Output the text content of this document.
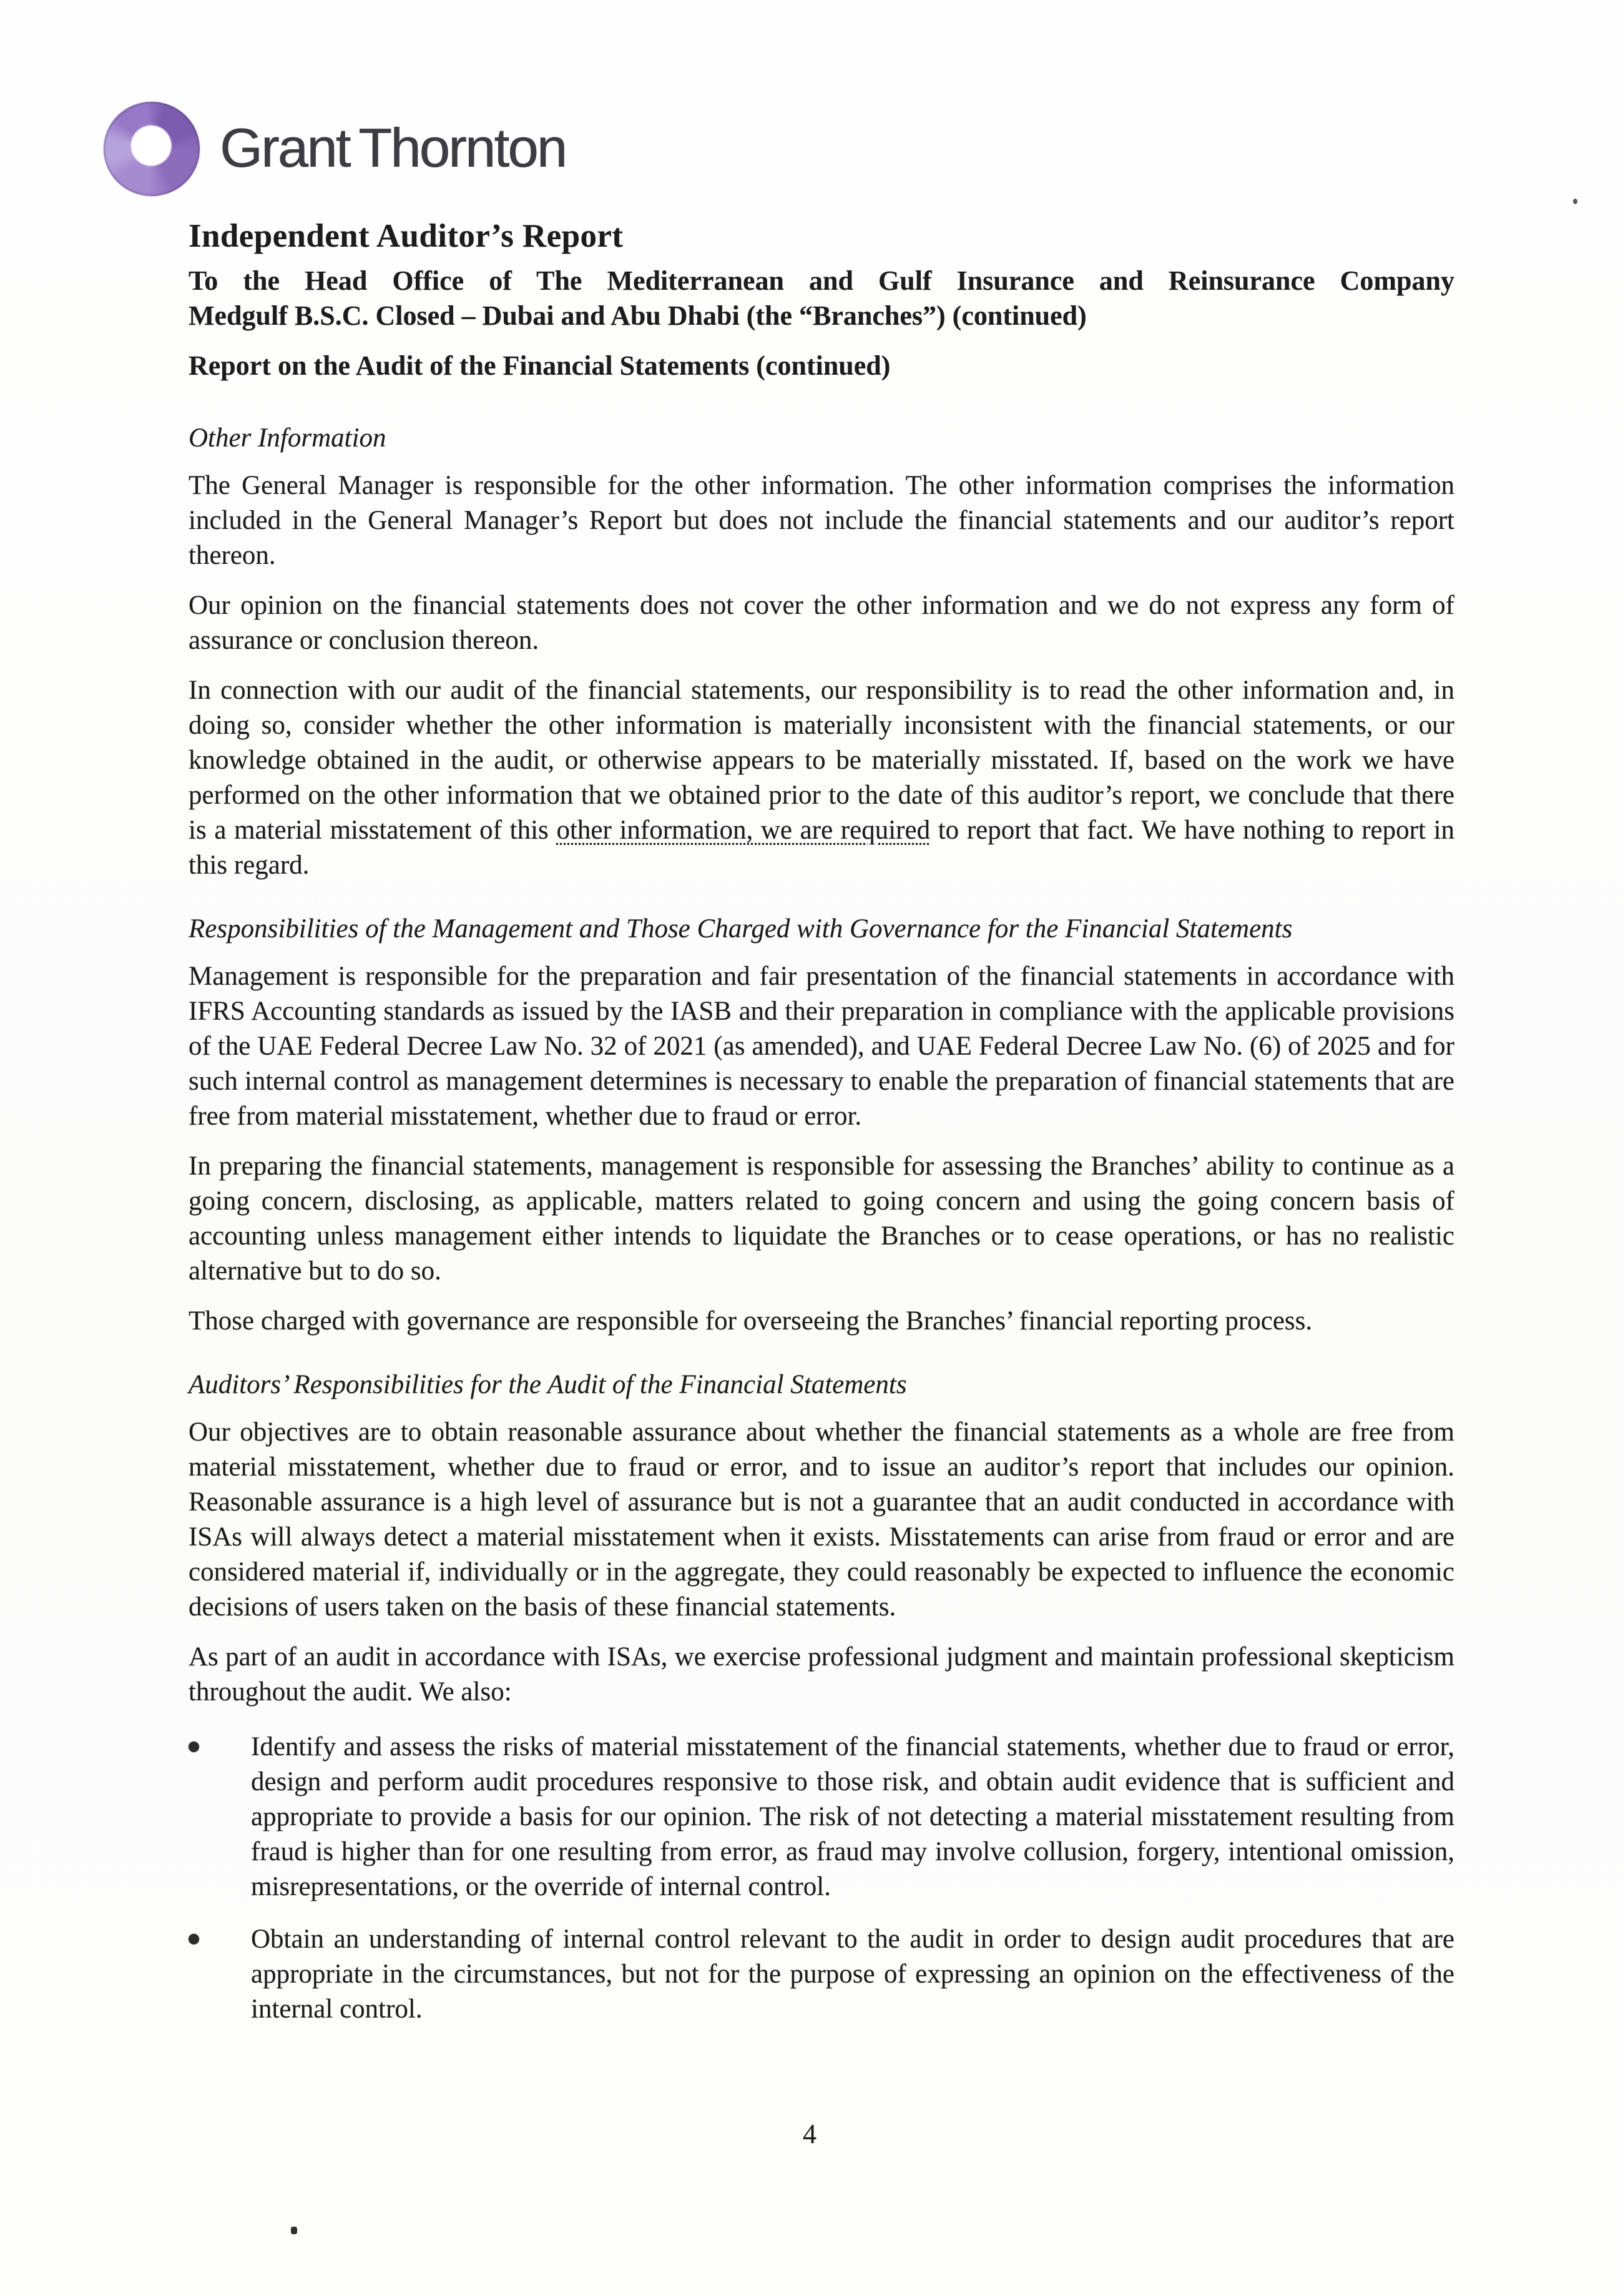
Grant Thornton
Independent Auditor’s Report
To the Head Office of The Mediterranean and Gulf Insurance and Reinsurance Company
Medgulf B.S.C. Closed – Dubai and Abu Dhabi (the “Branches”) (continued)
Report on the Audit of the Financial Statements (continued)
Other Information

The General Manager is responsible for the other information. The other information comprises the information included in the General Manager’s Report but does not include the financial statements and our auditor’s report thereon.

Our opinion on the financial statements does not cover the other information and we do not express any form of assurance or conclusion thereon.

In connection with our audit of the financial statements, our responsibility is to read the other information and, in doing so, consider whether the other information is materially inconsistent with the financial statements, or our knowledge obtained in the audit, or otherwise appears to be materially misstated. If, based on the work we have performed on the other information that we obtained prior to the date of this auditor’s report, we conclude that there is a material misstatement of this other information, we are required to report that fact. We have nothing to report in this regard.

Responsibilities of the Management and Those Charged with Governance for the Financial Statements

Management is responsible for the preparation and fair presentation of the financial statements in accordance with IFRS Accounting standards as issued by the IASB and their preparation in compliance with the applicable provisions of the UAE Federal Decree Law No. 32 of 2021 (as amended), and UAE Federal Decree Law No. (6) of 2025 and for such internal control as management determines is necessary to enable the preparation of financial statements that are free from material misstatement, whether due to fraud or error.

In preparing the financial statements, management is responsible for assessing the Branches’ ability to continue as a going concern, disclosing, as applicable, matters related to going concern and using the going concern basis of accounting unless management either intends to liquidate the Branches or to cease operations, or has no realistic alternative but to do so.

Those charged with governance are responsible for overseeing the Branches’ financial reporting process.

Auditors’ Responsibilities for the Audit of the Financial Statements

Our objectives are to obtain reasonable assurance about whether the financial statements as a whole are free from material misstatement, whether due to fraud or error, and to issue an auditor’s report that includes our opinion. Reasonable assurance is a high level of assurance but is not a guarantee that an audit conducted in accordance with ISAs will always detect a material misstatement when it exists. Misstatements can arise from fraud or error and are considered material if, individually or in the aggregate, they could reasonably be expected to influence the economic decisions of users taken on the basis of these financial statements.

As part of an audit in accordance with ISAs, we exercise professional judgment and maintain professional skepticism throughout the audit. We also:

Identify and assess the risks of material misstatement of the financial statements, whether due to fraud or error, design and perform audit procedures responsive to those risk, and obtain audit evidence that is sufficient and appropriate to provide a basis for our opinion. The risk of not detecting a material misstatement resulting from fraud is higher than for one resulting from error, as fraud may involve collusion, forgery, intentional omission, misrepresentations, or the override of internal control.
Obtain an understanding of internal control relevant to the audit in order to design audit procedures that are appropriate in the circumstances, but not for the purpose of expressing an opinion on the effectiveness of the internal control.
4
